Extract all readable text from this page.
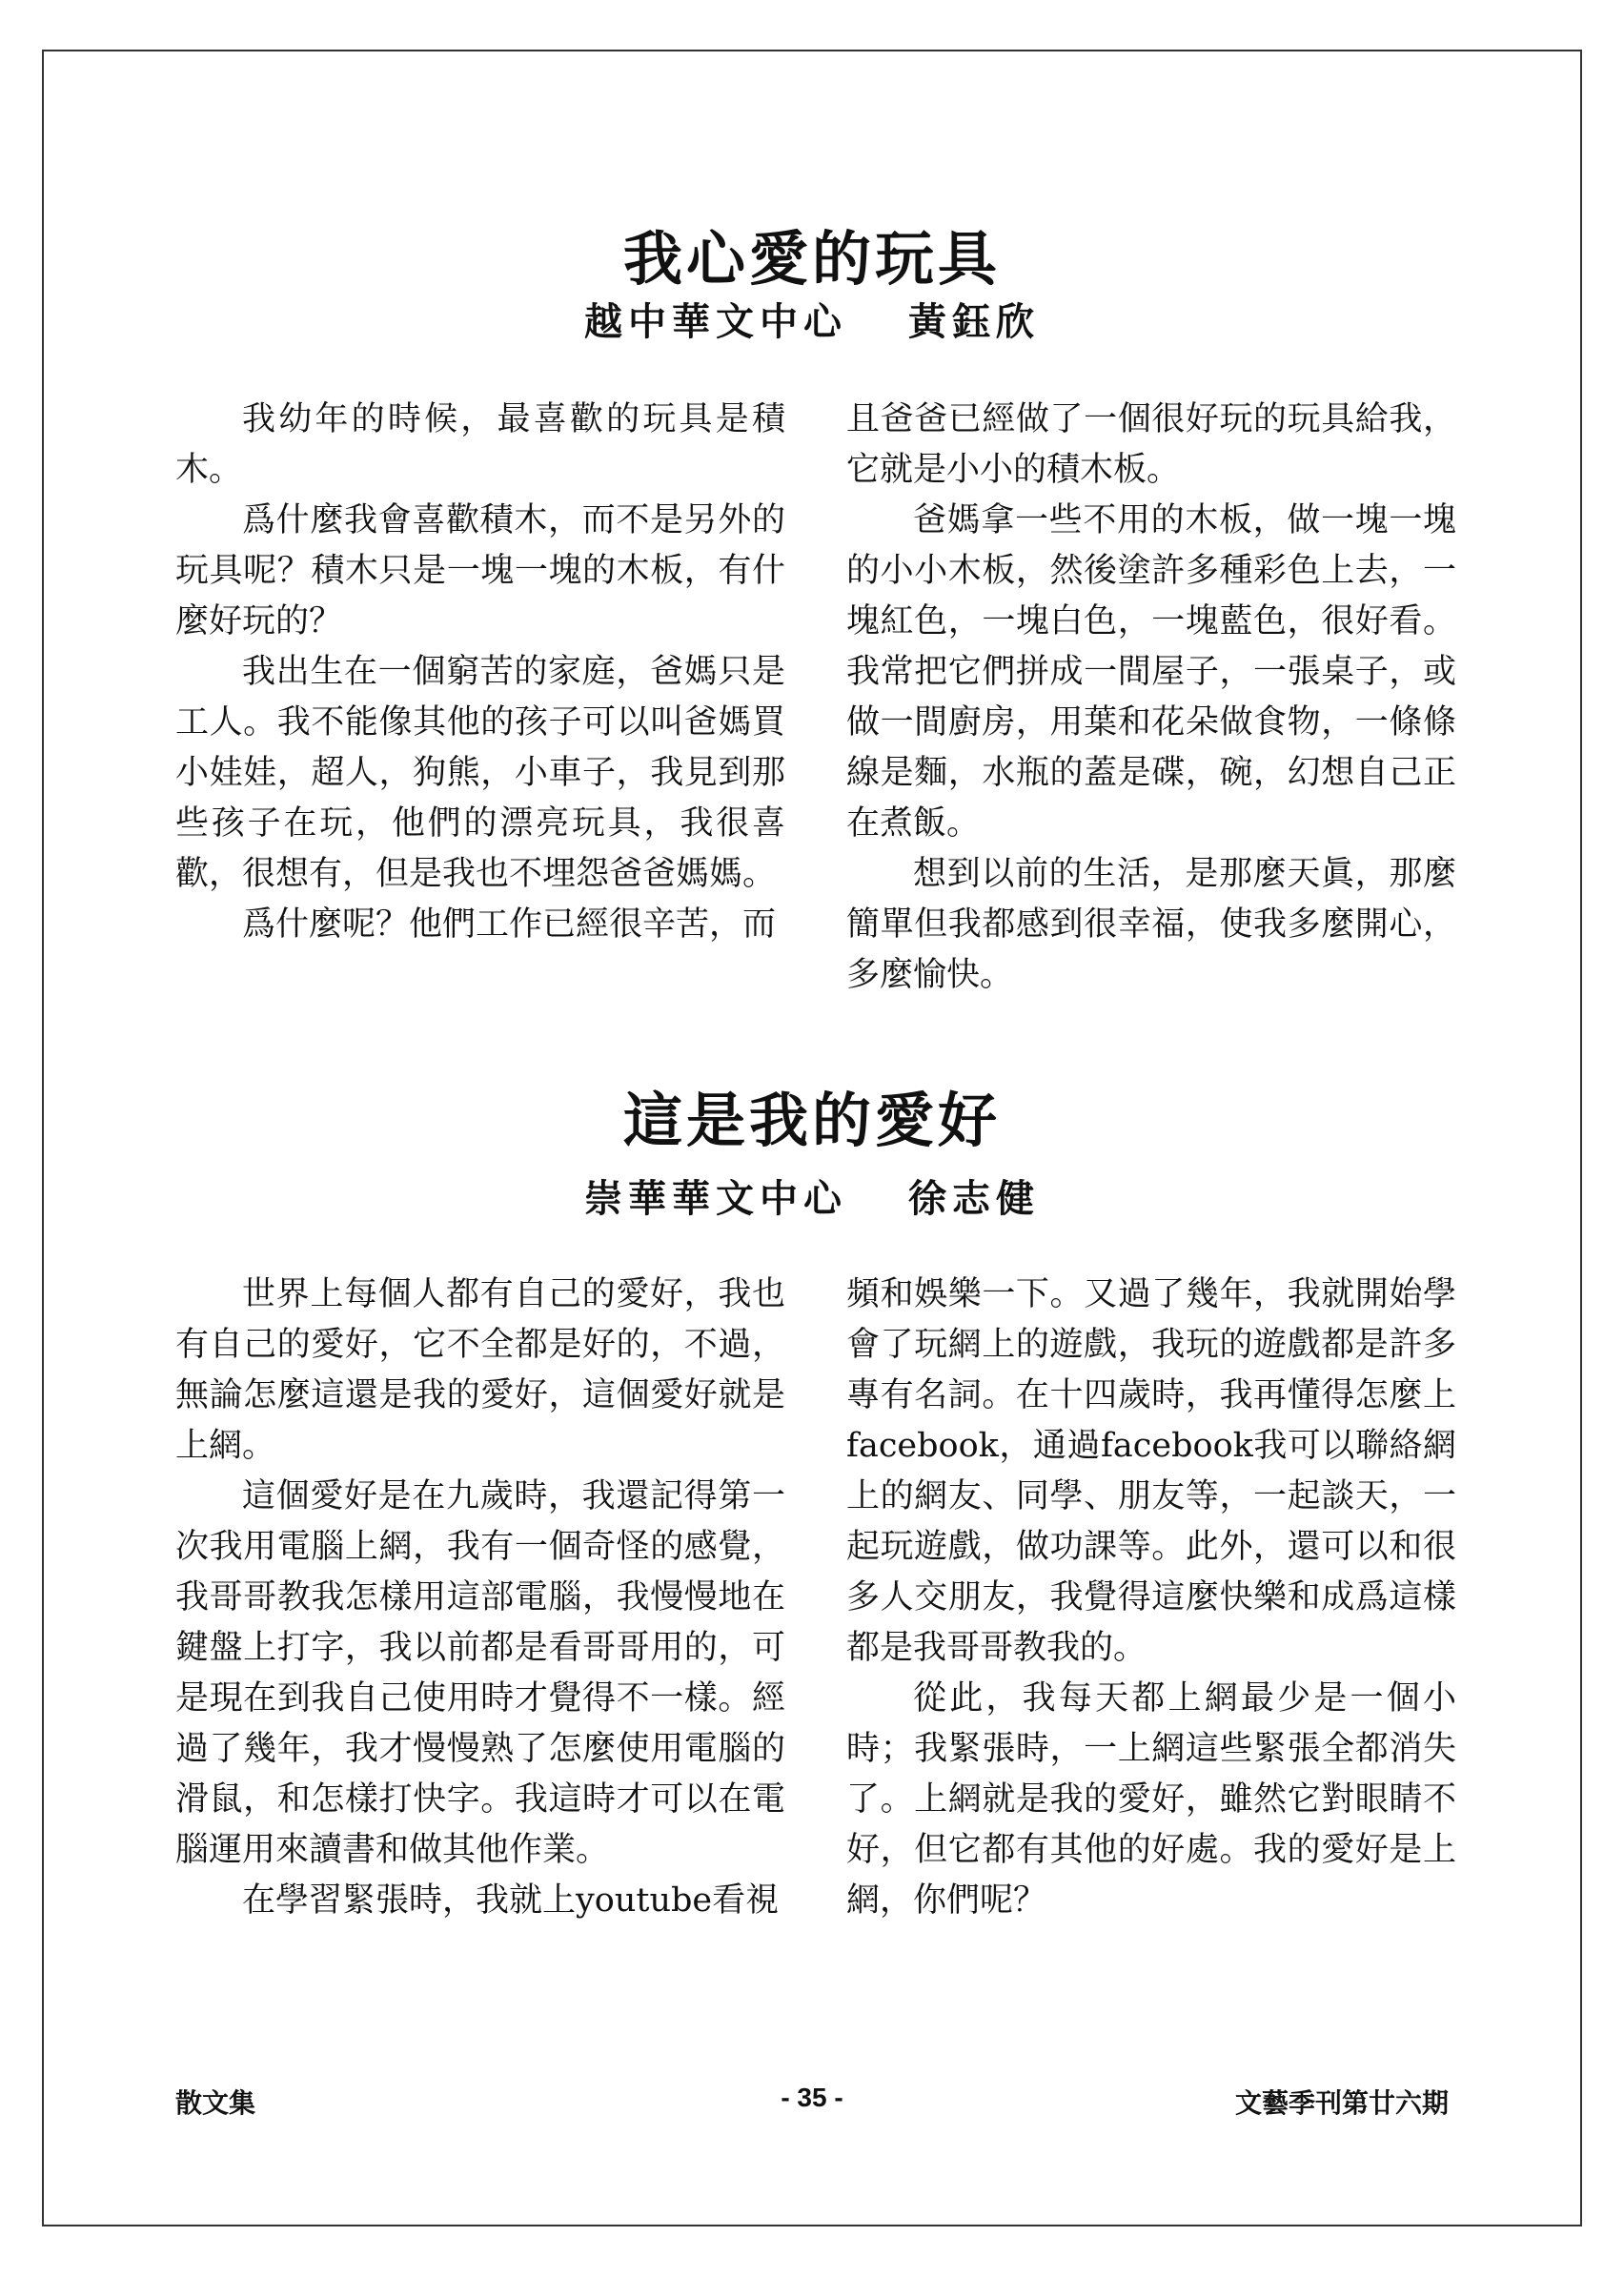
我心愛的玩具
越中華文中心 黃鈺欣

我幼年的時候，最喜歡的玩具是積木。

爲什麼我會喜歡積木，而不是另外的玩具呢？積木只是一塊一塊的木板，有什麼好玩的？

我出生在一個窮苦的家庭，爸媽只是工人。我不能像其他的孩子可以叫爸媽買小娃娃，超人，狗熊，小車子，我見到那些孩子在玩，他們的漂亮玩具，我很喜歡，很想有，但是我也不埋怨爸爸媽媽。

爲什麼呢？他們工作已經很辛苦，而

且爸爸已經做了一個很好玩的玩具給我，它就是小小的積木板。

爸媽拿一些不用的木板，做一塊一塊的小小木板，然後塗許多種彩色上去，一塊紅色，一塊白色，一塊藍色，很好看。我常把它們拼成一間屋子，一張桌子，或做一間廚房，用葉和花朵做食物，一條條線是麵，水瓶的蓋是碟，碗，幻想自己正在煮飯。

想到以前的生活，是那麼天眞，那麼簡單但我都感到很幸福，使我多麼開心，多麼愉快。

這是我的愛好
崇華華文中心 徐志健

世界上每個人都有自己的愛好，我也有自己的愛好，它不全都是好的，不過，無論怎麼這還是我的愛好，這個愛好就是上網。

這個愛好是在九歲時，我還記得第一次我用電腦上網，我有一個奇怪的感覺，我哥哥教我怎樣用這部電腦，我慢慢地在鍵盤上打字，我以前都是看哥哥用的，可是現在到我自己使用時才覺得不一樣。經過了幾年，我才慢慢熟了怎麼使用電腦的滑鼠，和怎樣打快字。我這時才可以在電腦運用來讀書和做其他作業。

在學習緊張時，我就上youtube看視

頻和娛樂一下。又過了幾年，我就開始學會了玩網上的遊戲，我玩的遊戲都是許多專有名詞。在十四歲時，我再懂得怎麼上facebook，通過facebook我可以聯絡網上的網友、同學、朋友等，一起談天，一起玩遊戲，做功課等。此外，還可以和很多人交朋友，我覺得這麼快樂和成爲這樣都是我哥哥教我的。

從此，我每天都上網最少是一個小時；我緊張時，一上網這些緊張全都消失了。上網就是我的愛好，雖然它對眼睛不好，但它都有其他的好處。我的愛好是上網，你們呢？

散文集	- 35 -	文藝季刊第廿六期
